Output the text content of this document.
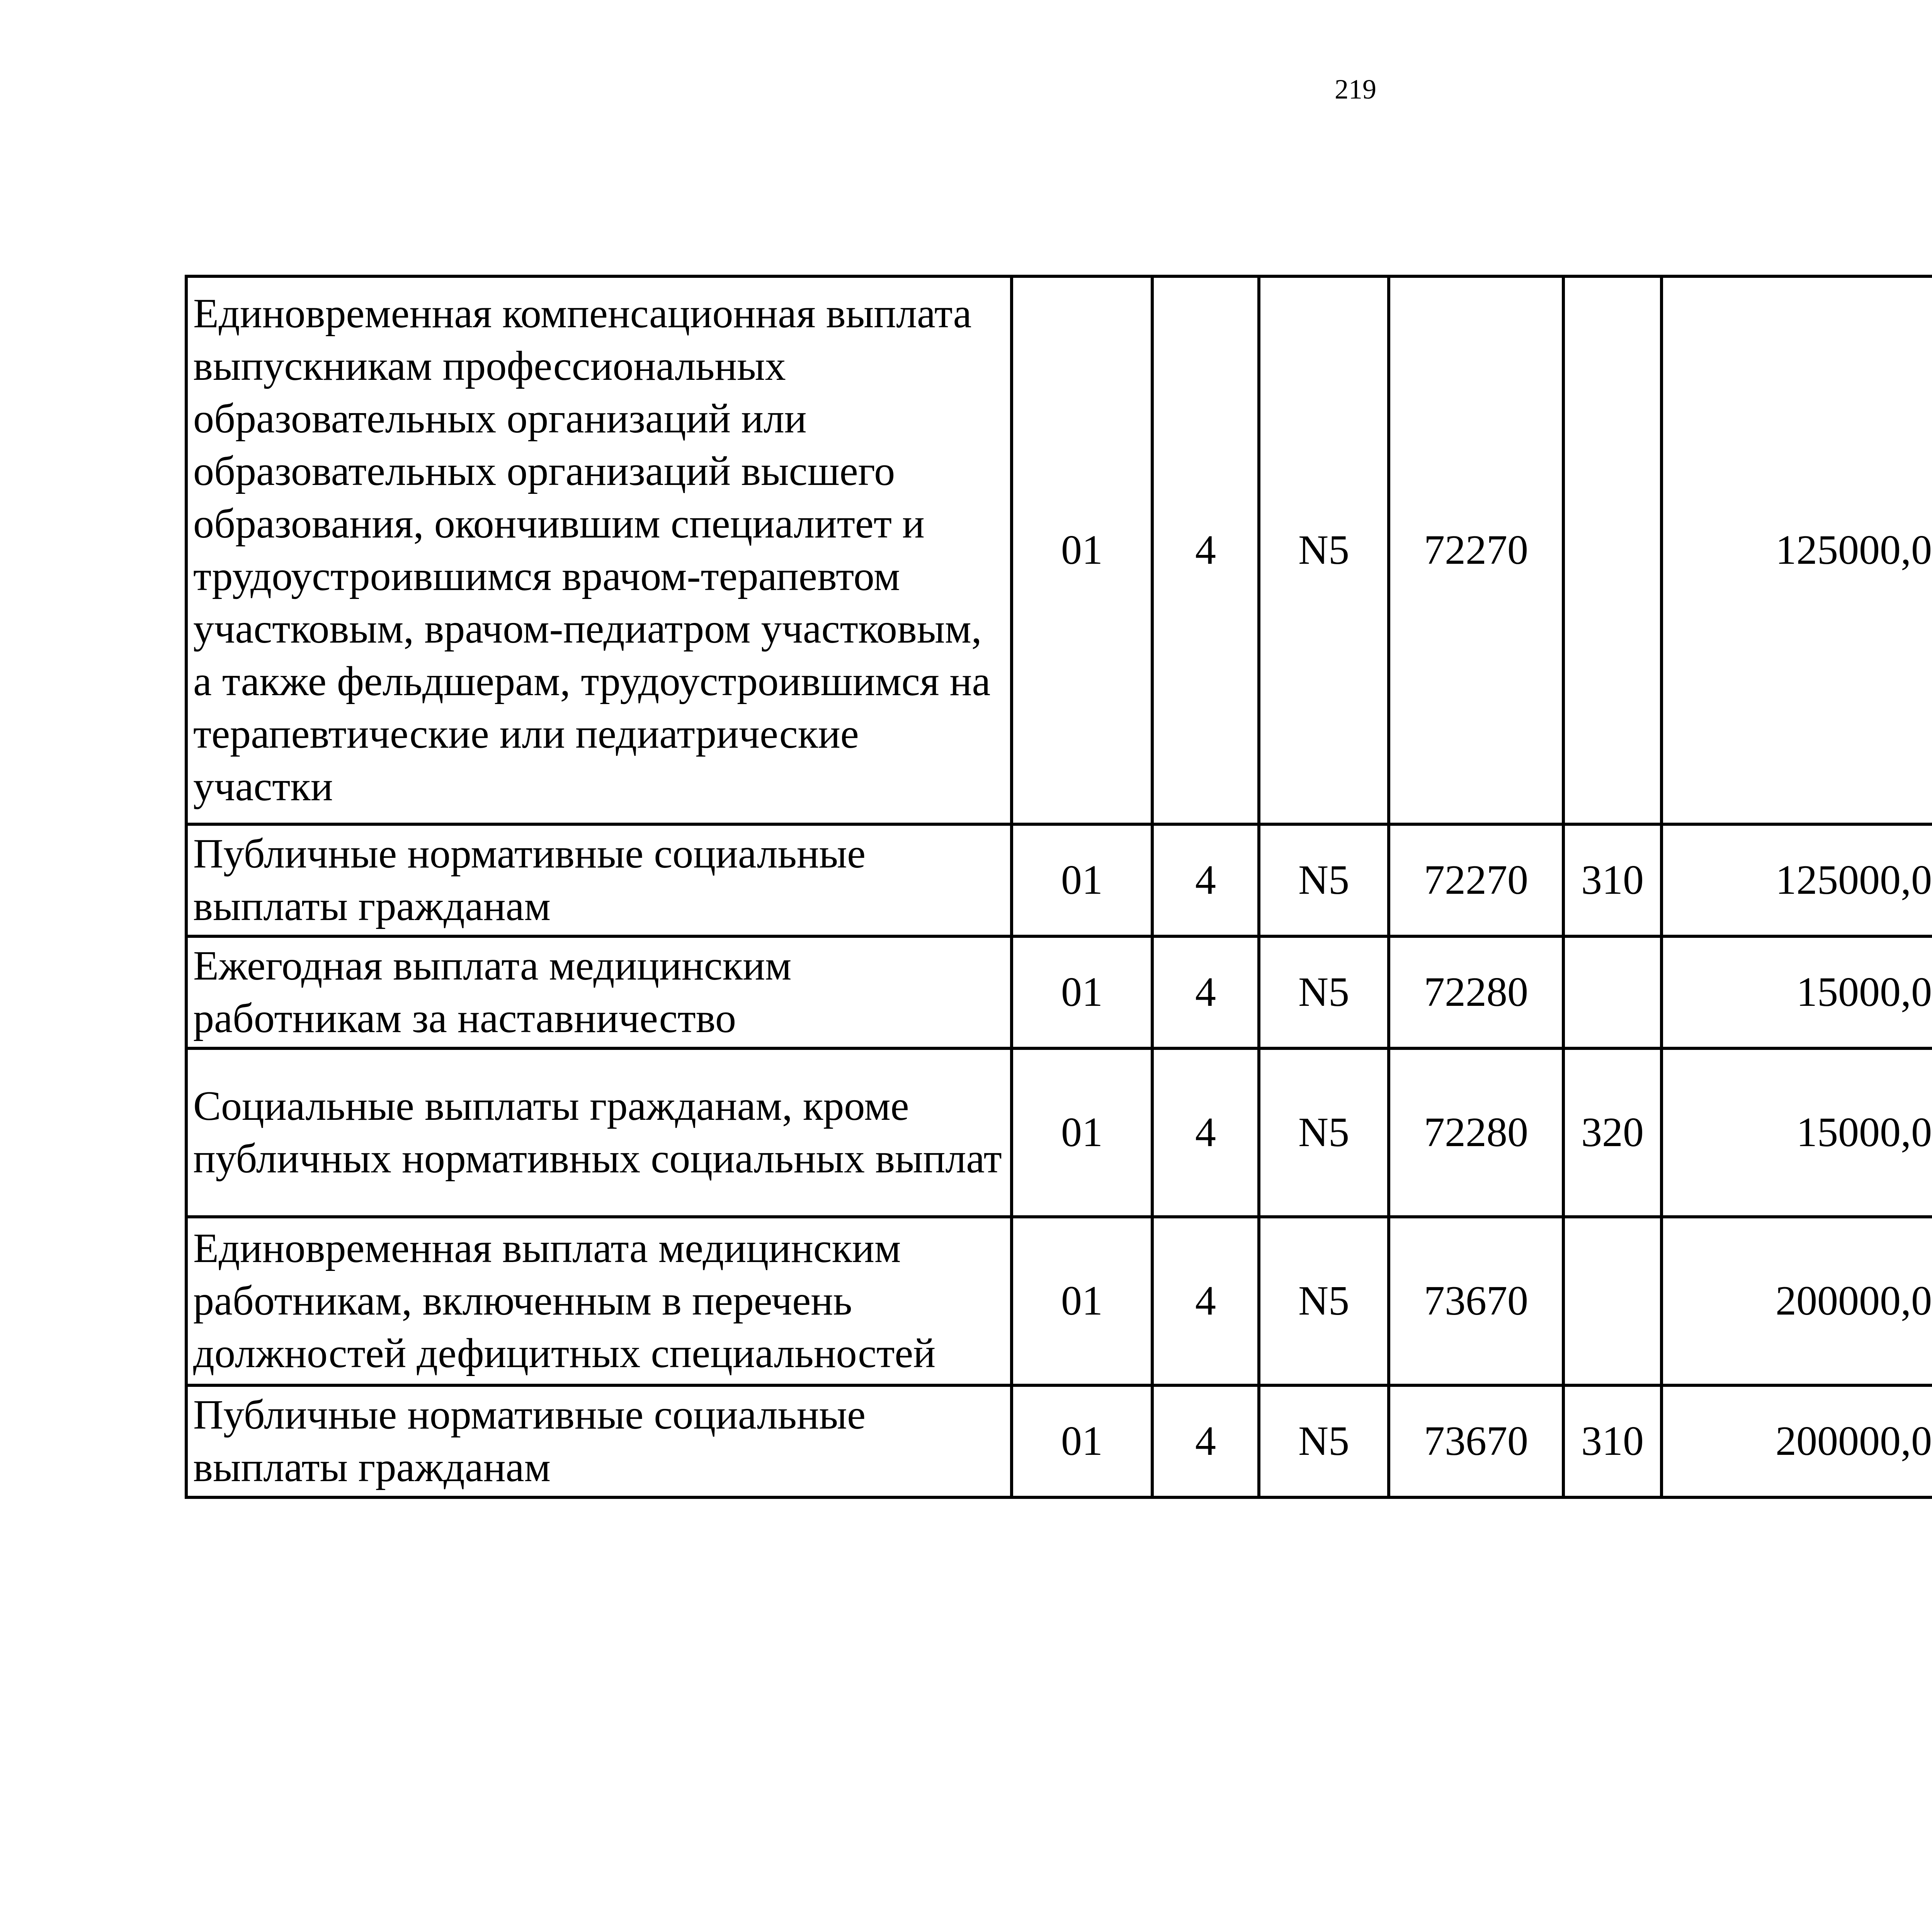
219
Единовременная компенсационная выплата выпускникам профессиональных образовательных организаций или образовательных организаций высшего образования, окончившим специалитет и трудоустроившимся врачом-терапевтом участковым, врачом-педиатром участковым, а также фельдшерам, трудоустроившимся на терапевтические или педиатрические участки	01	4	N5	72270		125000,0		
Публичные нормативные социальные выплаты гражданам	01	4	N5	72270	310	125000,0		
Ежегодная выплата медицинским работникам за наставничество	01	4	N5	72280		15000,0		
Социальные выплаты гражданам, кроме публичных нормативных социальных выплат	01	4	N5	72280	320	15000,0		
Единовременная выплата медицинским работникам, включенным в перечень должностей дефицитных специальностей	01	4	N5	73670		200000,0		
Публичные нормативные социальные выплаты гражданам	01	4	N5	73670	310	200000,0		
